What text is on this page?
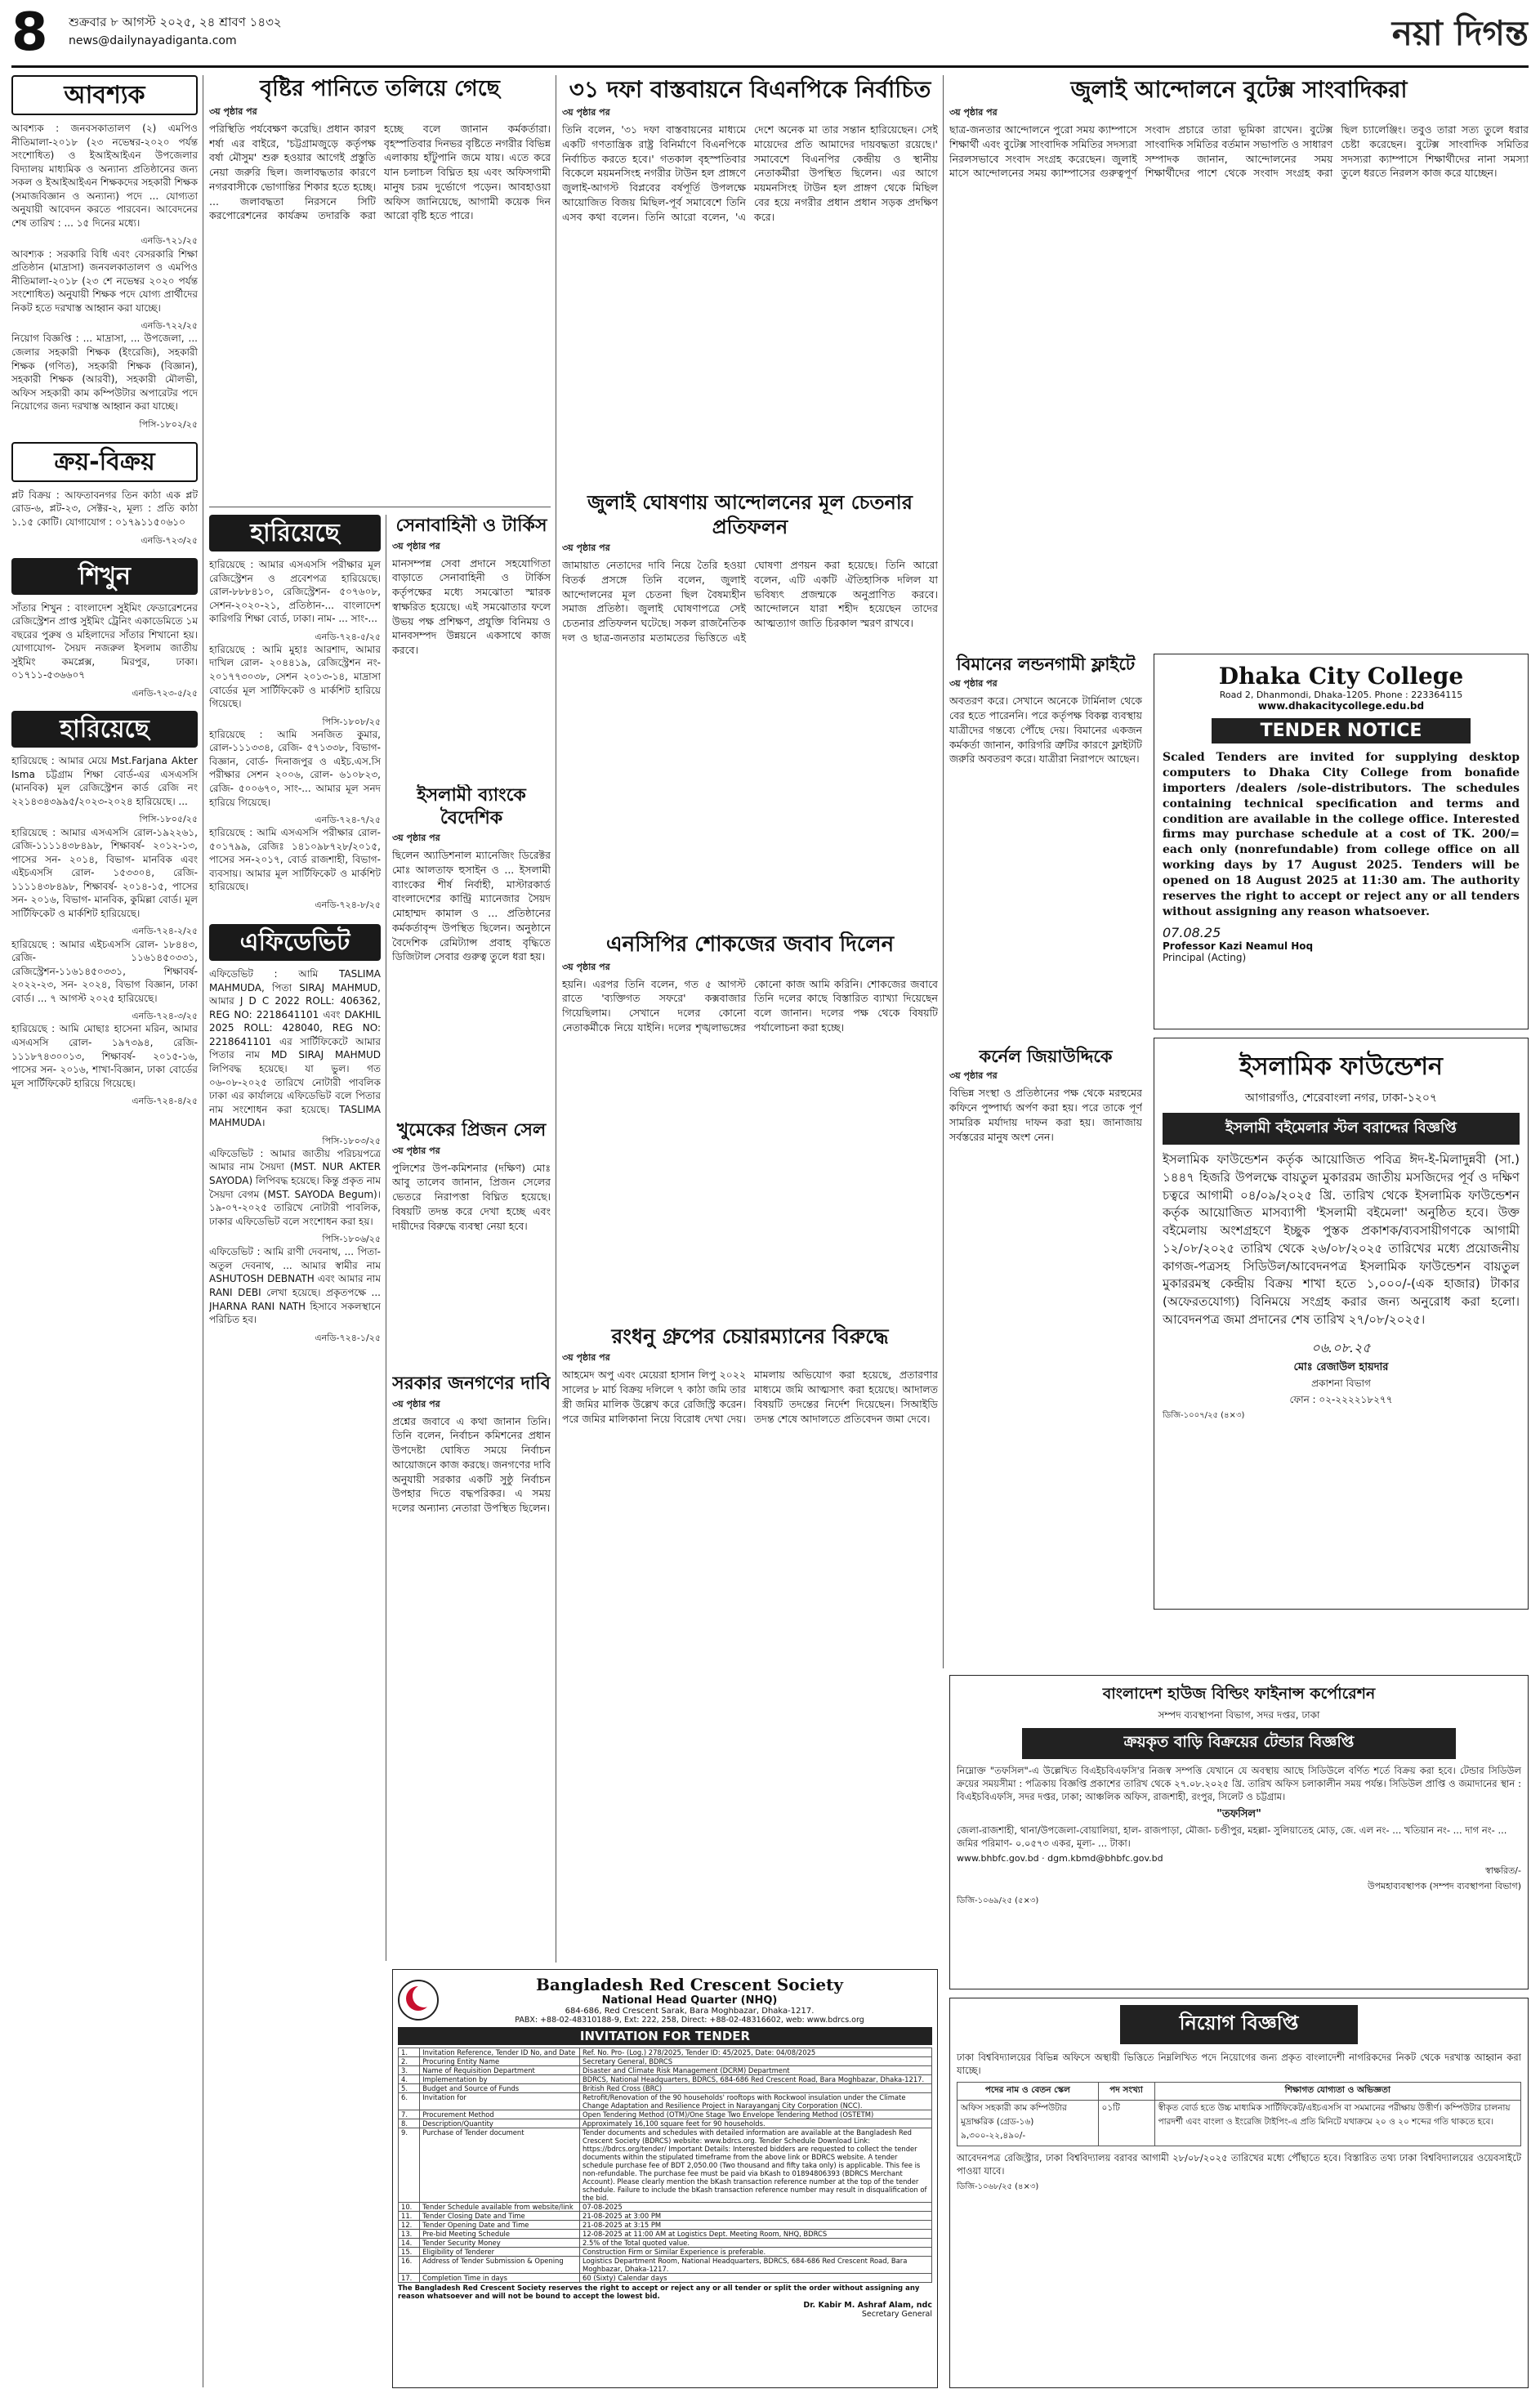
8	শুক্রবার ৮ আগস্ট ২০২৫, ২৪ শ্রাবণ ১৪৩২
news@dailynayadiganta.com	নয়া দিগন্ত
আবশ্যক
আবশ্যক : জনবসকাতালণ (২) এমপিও নীতিমালা-২০১৮ (২৩ নভেম্বর-২০২০ পর্যন্ত সংশোধিত) ও ইআইআইএন উপজেলার বিদ্যালয় মাধ্যমিক ও অন্যান্য প্রতিষ্ঠানের জন্য সকল ও ইআইআইএন শিক্ষকদের সহকারী শিক্ষক (সমাজবিজ্ঞান ও অন্যান্য) পদে ... যোগ্যতা অনুযায়ী আবেদন করতে পারবেন। আবেদনের শেষ তারিখ : ... ১৫ দিনের মধ্যে।
এনডি-৭২১/২৫
আবশ্যক : সরকারি বিধি এবং বেসরকারি শিক্ষা প্রতিষ্ঠান (মাদ্রাসা) জনবলকাতালণ ও এমপিও নীতিমালা-২০১৮ (২৩ শে নভেম্বর ২০২০ পর্যন্ত সংশোধিত) অনুযায়ী শিক্ষক পদে যোগ্য প্রার্থীদের নিকট হতে দরখাস্ত আহ্বান করা যাচ্ছে।
এনডি-৭২২/২৫
নিয়োগ বিজ্ঞপ্তি : ... মাদ্রাসা, ... উপজেলা, ... জেলার সহকারী শিক্ষক (ইংরেজি), সহকারী শিক্ষক (গণিত), সহকারী শিক্ষক (বিজ্ঞান), সহকারী শিক্ষক (আরবী), সহকারী মৌলভী, অফিস সহকারী কাম কম্পিউটার অপারেটর পদে নিয়োগের জন্য দরখাস্ত আহ্বান করা যাচ্ছে।
পিসি-১৮০২/২৫
ক্রয়-বিক্রয়
প্লট বিক্রয় : আফতাবনগর তিন কাঠা এক প্লট রোড-৬, প্লট-২৩, সেক্টর-২, মূল্য : প্রতি কাঠা ১.১৫ কোটি। যোগাযোগ : ০১৭৯১১৫০৬১০
এনডি-৭২৩/২৫
শিখুন
সাঁতার শিখুন : বাংলাদেশ সুইমিং ফেডারেশনের রেজিস্ট্রেশন প্রাপ্ত সুইমিং ট্রেনিং একাডেমিতে ১ম বছরের পুরুষ ও মহিলাদের সাঁতার শিখানো হয়। যোগাযোগ- সৈয়দ নজরুল ইসলাম জাতীয় সুইমিং কমপ্লেক্স, মিরপুর, ঢাকা। ০১৭১১-৫৩৬৬০৭
এনডি-৭২৩-৫/২৫
হারিয়েছে
হারিয়েছে : আমার মেয়ে Mst.Farjana Akter Isma চট্টগ্রাম শিক্ষা বোর্ড-এর এসএসসি (মানবিক) মূল রেজিস্ট্রেশন কার্ড রেজি নং ২২১৪৩৪৩৯৯৫/২০২৩-২০২৪ হারিয়েছে। ...
পিসি-১৮০৫/২৫
হারিয়েছে : আমার এসএসসি রোল-১৯২২৬১, রেজি-১১১১৪৩৮৪৯৮, শিক্ষাবর্ষ- ২০১২-১৩, পাসের সন- ২০১৪, বিভাগ- মানবিক এবং এইচএসসি রোল- ১৫৩৩০৪, রেজি- ১১১১৪৩৮৪৯৮, শিক্ষাবর্ষ- ২০১৪-১৫, পাসের সন- ২০১৬, বিভাগ- মানবিক, কুমিল্লা বোর্ড। মূল সার্টিফিকেট ও মার্কশিট হারিয়েছে।
এনডি-৭২৪-২/২৫
হারিয়েছে : আমার এইচএসসি রোল- ১৮৪৪৩, রেজি- ১১৬১৪৫০৩৩১, রেজিস্ট্রেশন-১১৬১৪৫০৩৩১, শিক্ষাবর্ষ- ২০২২-২৩, সন- ২০২৪, বিভাগ বিজ্ঞান, ঢাকা বোর্ড। ... ৭ আগস্ট ২০২৫ হারিয়েছে।
এনডি-৭২৪-৩/২৫
হারিয়েছে : আমি মোছাঃ হাসেনা মরিন, আমার এসএসসি রোল- ১৯৭৩৯৪, রেজি- ১১১৮৭৪৩০০১৩, শিক্ষাবর্ষ- ২০১৫-১৬, পাসের সন- ২০১৬, শাখা-বিজ্ঞান, ঢাকা বোর্ডের মূল সার্টিফিকেট হারিয়ে গিয়েছে।
এনডি-৭২৪-৪/২৫
বৃষ্টির পানিতে তলিয়ে গেছে
৩য় পৃষ্ঠার পর
পরিস্থিতি পর্যবেক্ষণ করেছি। প্রধান কারণ শর্ষা এর বাইরে, 'চট্টগ্রামজুড়ে কর্তৃপক্ষ বর্ষা মৌসুম' শুরু হওয়ার আগেই প্রস্তুতি নেয়া জরুরি ছিল। জলাবদ্ধতার কারণে নগরবাসীকে ভোগান্তির শিকার হতে হচ্ছে। ... জলাবদ্ধতা নিরসনে সিটি করপোরেশনের কার্যক্রম তদারকি করা হচ্ছে বলে জানান কর্মকর্তারা। বৃহস্পতিবার দিনভর বৃষ্টিতে নগরীর বিভিন্ন এলাকায় হাঁটুপানি জমে যায়। এতে করে যান চলাচল বিঘ্নিত হয় এবং অফিসগামী মানুষ চরম দুর্ভোগে পড়েন। আবহাওয়া অফিস জানিয়েছে, আগামী কয়েক দিন আরো বৃষ্টি হতে পারে।
হারিয়েছে
হারিয়েছে : আমার এসএসসি পরীক্ষার মূল রেজিস্ট্রেশন ও প্রবেশপত্র হারিয়েছে। রোল-৮৮৮৪১০, রেজিস্ট্রেশন- ৫০৭৬০৮, সেশন-২০২০-২১, প্রতিষ্ঠান-... বাংলাদেশ কারিগরি শিক্ষা বোর্ড, ঢাকা। নাম- ... সাং-...
এনডি-৭২৪-৫/২৫
হারিয়েছে : আমি মুহাঃ আরশাদ, আমার দাখিল রোল- ২০৪৪১৯, রেজিস্ট্রেশন নং- ২০১৭৭৩০৩৮, সেশন ২০১৩-১৪, মাদ্রাসা বোর্ডের মূল সার্টিফিকেট ও মার্কশিট হারিয়ে গিয়েছে।
পিসি-১৮০৮/২৫
হারিয়েছে : আমি সনজিত কুমার, রোল-১১১৩৩৪, রেজি- ৫৭১৩৩৮, বিভাগ- বিজ্ঞান, বোর্ড- দিনাজপুর ও এইচ.এস.সি পরীক্ষার সেশন ২০০৬, রোল- ৬১০৮২৩, রেজি- ৫০০৬৭০, সাং-... আমার মূল সনদ হারিয়ে গিয়েছে।
এনডি-৭২৪-৭/২৫
হারিয়েছে : আমি এসএসসি পরীক্ষার রোল- ৫০১৭৯৯, রেজিঃ ১৪১০৯৮৭২৮/২০১৫, পাসের সন-২০১৭, বোর্ড রাজশাহী, বিভাগ-ব্যবসায়। আমার মূল সার্টিফিকেট ও মার্কশিট হারিয়েছে।
এনডি-৭২৪-৮/২৫
এফিডেভিট
এফিডেভিট : আমি TASLIMA MAHMUDA, পিতা SIRAJ MAHMUD, আমার J D C 2022 ROLL: 406362, REG NO: 2218641101 এবং DAKHIL 2025 ROLL: 428040, REG NO: 2218641101 এর সার্টিফিকেটে আমার পিতার নাম MD SIRAJ MAHMUD লিপিবদ্ধ হয়েছে। যা ভুল। গত ০৬-০৮-২০২৫ তারিখে নোটারী পাবলিক ঢাকা এর কার্যালয়ে এফিডেভিট বলে পিতার নাম সংশোধন করা হয়েছে। TASLIMA MAHMUDA।
পিসি-১৮০৩/২৫
এফিডেভিট : আমার জাতীয় পরিচয়পত্রে আমার নাম সৈয়দা (MST. NUR AKTER SAYODA) লিপিবদ্ধ হয়েছে। কিন্তু প্রকৃত নাম সৈয়দা বেগম (MST. SAYODA Begum)। ১৯-০৭-২০২৫ তারিখে নোটারী পাবলিক, ঢাকার এফিডেভিট বলে সংশোধন করা হয়।
পিসি-১৮০৬/২৫
এফিডেভিট : আমি রাণী দেবনাথ, ... পিতা- অতুল দেবনাথ, ... আমার স্বামীর নাম ASHUTOSH DEBNATH এবং আমার নাম RANI DEBI লেখা হয়েছে। প্রকৃতপক্ষে ... JHARNA RANI NATH হিসাবে সকলস্থানে পরিচিত হব।
এনডি-৭২৪-১/২৫
সেনাবাহিনী ও টার্কিস
৩য় পৃষ্ঠার পর
মানসম্পন্ন সেবা প্রদানে সহযোগিতা বাড়াতে সেনাবাহিনী ও টার্কিস কর্তৃপক্ষের মধ্যে সমঝোতা স্মারক স্বাক্ষরিত হয়েছে। এই সমঝোতার ফলে উভয় পক্ষ প্রশিক্ষণ, প্রযুক্তি বিনিময় ও মানবসম্পদ উন্নয়নে একসাথে কাজ করবে।
ইসলামী ব্যাংকে বৈদেশিক
৩য় পৃষ্ঠার পর
ছিলেন অ্যাডিশনাল ম্যানেজিং ডিরেক্টর মোঃ আলতাফ হুসাইন ও ... ইসলামী ব্যাংকের শীর্ষ নির্বাহী, মাস্টারকার্ড বাংলাদেশের কান্ট্রি ম্যানেজার সৈয়দ মোহাম্মদ কামাল ও ... প্রতিষ্ঠানের কর্মকর্তাবৃন্দ উপস্থিত ছিলেন। অনুষ্ঠানে বৈদেশিক রেমিট্যান্স প্রবাহ বৃদ্ধিতে ডিজিটাল সেবার গুরুত্ব তুলে ধরা হয়।
খুমেকের প্রিজন সেল
৩য় পৃষ্ঠার পর
পুলিশের উপ-কমিশনার (দক্ষিণ) মোঃ আবু তালেব জানান, প্রিজন সেলের ভেতরে নিরাপত্তা বিঘ্নিত হয়েছে। বিষয়টি তদন্ত করে দেখা হচ্ছে এবং দায়ীদের বিরুদ্ধে ব্যবস্থা নেয়া হবে।
সরকার জনগণের দাবি
৩য় পৃষ্ঠার পর
প্রশ্নের জবাবে এ কথা জানান তিনি। তিনি বলেন, নির্বাচন কমিশনের প্রধান উপদেষ্টা ঘোষিত সময়ে নির্বাচন আয়োজনে কাজ করছে। জনগণের দাবি অনুযায়ী সরকার একটি সুষ্ঠু নির্বাচন উপহার দিতে বদ্ধপরিকর। এ সময় দলের অন্যান্য নেতারা উপস্থিত ছিলেন।
৩১ দফা বাস্তবায়নে বিএনপিকে নির্বাচিত
৩য় পৃষ্ঠার পর
তিনি বলেন, '৩১ দফা বাস্তবায়নের মাধ্যমে একটি গণতান্ত্রিক রাষ্ট্র বিনির্মাণে বিএনপিকে নির্বাচিত করতে হবে।' গতকাল বৃহস্পতিবার বিকেলে ময়মনসিংহ নগরীর টাউন হল প্রাঙ্গণে জুলাই-আগস্ট বিপ্লবের বর্ষপূর্তি উপলক্ষে আয়োজিত বিজয় মিছিল-পূর্ব সমাবেশে তিনি এসব কথা বলেন। তিনি আরো বলেন, 'এ দেশে অনেক মা তার সন্তান হারিয়েছেন। সেই মায়েদের প্রতি আমাদের দায়বদ্ধতা রয়েছে।' সমাবেশে বিএনপির কেন্দ্রীয় ও স্থানীয় নেতাকর্মীরা উপস্থিত ছিলেন। এর আগে ময়মনসিংহ টাউন হল প্রাঙ্গণ থেকে মিছিল বের হয়ে নগরীর প্রধান প্রধান সড়ক প্রদক্ষিণ করে।
জুলাই ঘোষণায় আন্দোলনের মূল চেতনার প্রতিফলন
৩য় পৃষ্ঠার পর
জামায়াত নেতাদের দাবি নিয়ে তৈরি হওয়া বিতর্ক প্রসঙ্গে তিনি বলেন, জুলাই আন্দোলনের মূল চেতনা ছিল বৈষম্যহীন সমাজ প্রতিষ্ঠা। জুলাই ঘোষণাপত্রে সেই চেতনার প্রতিফলন ঘটেছে। সকল রাজনৈতিক দল ও ছাত্র-জনতার মতামতের ভিত্তিতে এই ঘোষণা প্রণয়ন করা হয়েছে। তিনি আরো বলেন, এটি একটি ঐতিহাসিক দলিল যা ভবিষ্যৎ প্রজন্মকে অনুপ্রাণিত করবে। আন্দোলনে যারা শহীদ হয়েছেন তাদের আত্মত্যাগ জাতি চিরকাল স্মরণ রাখবে।
এনসিপির শোকজের জবাব দিলেন
৩য় পৃষ্ঠার পর
হয়নি। এরপর তিনি বলেন, গত ৫ আগস্ট রাতে 'ব্যক্তিগত সফরে' কক্সবাজার গিয়েছিলাম। সেখানে দলের কোনো নেতাকর্মীকে নিয়ে যাইনি। দলের শৃঙ্খলাভঙ্গের কোনো কাজ আমি করিনি। শোকজের জবাবে তিনি দলের কাছে বিস্তারিত ব্যাখ্যা দিয়েছেন বলে জানান। দলের পক্ষ থেকে বিষয়টি পর্যালোচনা করা হচ্ছে।
রংধনু গ্রুপের চেয়ারম্যানের বিরুদ্ধে
৩য় পৃষ্ঠার পর
আহমেদ অপু এবং মেয়েরা হাসান লিপু ২০২২ সালের ৮ মার্চ বিক্রয় দলিলে ৭ কাঠা জমি তার স্ত্রী জমির মালিক উল্লেখ করে রেজিস্ট্রি করেন। পরে জমির মালিকানা নিয়ে বিরোধ দেখা দেয়। মামলায় অভিযোগ করা হয়েছে, প্রতারণার মাধ্যমে জমি আত্মসাৎ করা হয়েছে। আদালত বিষয়টি তদন্তের নির্দেশ দিয়েছেন। সিআইডি তদন্ত শেষে আদালতে প্রতিবেদন জমা দেবে।
জুলাই আন্দোলনে বুটেক্স সাংবাদিকরা
৩য় পৃষ্ঠার পর
ছাত্র-জনতার আন্দোলনে পুরো সময় ক্যাম্পাসে শিক্ষার্থী এবং বুটেক্স সাংবাদিক সমিতির সদস্যরা নিরলসভাবে সংবাদ সংগ্রহ করেছেন। জুলাই মাসে আন্দোলনের সময় ক্যাম্পাসের গুরুত্বপূর্ণ সংবাদ প্রচারে তারা ভূমিকা রাখেন। বুটেক্স সাংবাদিক সমিতির বর্তমান সভাপতি ও সাধারণ সম্পাদক জানান, আন্দোলনের সময় শিক্ষার্থীদের পাশে থেকে সংবাদ সংগ্রহ করা ছিল চ্যালেঞ্জিং। তবুও তারা সত্য তুলে ধরার চেষ্টা করেছেন। বুটেক্স সাংবাদিক সমিতির সদস্যরা ক্যাম্পাসে শিক্ষার্থীদের নানা সমস্যা তুলে ধরতে নিরলস কাজ করে যাচ্ছেন।
বিমানের লন্ডনগামী ফ্লাইটে
৩য় পৃষ্ঠার পর
অবতরণ করে। সেখানে অনেকে টার্মিনাল থেকে বের হতে পারেননি। পরে কর্তৃপক্ষ বিকল্প ব্যবস্থায় যাত্রীদের গন্তব্যে পৌঁছে দেয়। বিমানের একজন কর্মকর্তা জানান, কারিগরি ত্রুটির কারণে ফ্লাইটটি জরুরি অবতরণ করে। যাত্রীরা নিরাপদে আছেন।
কর্নেল জিয়াউদ্দিকে
৩য় পৃষ্ঠার পর
বিভিন্ন সংস্থা ও প্রতিষ্ঠানের পক্ষ থেকে মরহুমের কফিনে পুষ্পার্ঘ্য অর্পণ করা হয়। পরে তাকে পূর্ণ সামরিক মর্যাদায় দাফন করা হয়। জানাজায় সর্বস্তরের মানুষ অংশ নেন।
Dhaka City College
Road 2, Dhanmondi, Dhaka-1205. Phone : 223364115
www.dhakacitycollege.edu.bd
TENDER NOTICE
Scaled Tenders are invited for supplying desktop computers to Dhaka City College from bonafide importers /dealers /sole-distributors. The schedules containing technical specification and terms and condition are available in the college office. Interested firms may purchase schedule at a cost of TK. 200/= each only (nonrefundable) from college office on all working days by 17 August 2025. Tenders will be opened on 18 August 2025 at 11:30 am. The authority reserves the right to accept or reject any or all tenders without assigning any reason whatsoever.
07.08.25
Professor Kazi Neamul Hoq
Principal (Acting)
ইসলামিক ফাউন্ডেশন
আগারগাঁও, শেরেবাংলা নগর, ঢাকা-১২০৭
ইসলামী বইমেলার স্টল বরাদ্দের বিজ্ঞপ্তি
ইসলামিক ফাউন্ডেশন কর্তৃক আয়োজিত পবিত্র ঈদ-ই-মিলাদুন্নবী (সা.) ১৪৪৭ হিজরি উপলক্ষে বায়তুল মুকাররম জাতীয় মসজিদের পূর্ব ও দক্ষিণ চত্বরে আগামী ০৪/০৯/২০২৫ খ্রি. তারিখ থেকে ইসলামিক ফাউন্ডেশন কর্তৃক আয়োজিত মাসব্যাপী 'ইসলামী বইমেলা' অনুষ্ঠিত হবে। উক্ত বইমেলায় অংশগ্রহণে ইচ্ছুক পুস্তক প্রকাশক/ব্যবসায়ীগণকে আগামী ১২/০৮/২০২৫ তারিখ থেকে ২৬/০৮/২০২৫ তারিখের মধ্যে প্রয়োজনীয় কাগজ-পত্রসহ সিডিউল/আবেদনপত্র ইসলামিক ফাউন্ডেশন বায়তুল মুকাররমস্থ কেন্দ্রীয় বিক্রয় শাখা হতে ১,০০০/-(এক হাজার) টাকার (অফেরতযোগ্য) বিনিময়ে সংগ্রহ করার জন্য অনুরোধ করা হলো। আবেদনপত্র জমা প্রদানের শেষ তারিখ ২৭/০৮/২০২৫।
০৬.০৮.২৫
মোঃ রেজাউল হায়দার
প্রকাশনা বিভাগ
ফোন : ০২-২২২২১৮২৭৭
ডিজি-১০০৭/২৫ (৪×৩)
বাংলাদেশ হাউজ বিল্ডিং ফাইনান্স কর্পোরেশন
সম্পদ ব্যবস্থাপনা বিভাগ, সদর দপ্তর, ঢাকা
ক্রয়কৃত বাড়ি বিক্রয়ের টেন্ডার বিজ্ঞপ্তি
নিম্নোক্ত "তফসিল"-এ উল্লেখিত বিএইচবিএফসি'র নিজস্ব সম্পত্তি যেখানে যে অবস্থায় আছে সিডিউলে বর্ণিত শর্তে বিক্রয় করা হবে। টেন্ডার সিডিউল ক্রয়ের সময়সীমা : পত্রিকায় বিজ্ঞপ্তি প্রকাশের তারিখ থেকে ২৭.০৮.২০২৫ খ্রি. তারিখ অফিস চলাকালীন সময় পর্যন্ত। সিডিউল প্রাপ্তি ও জমাদানের স্থান : বিএইচবিএফসি, সদর দপ্তর, ঢাকা; আঞ্চলিক অফিস, রাজশাহী, রংপুর, সিলেট ও চট্টগ্রাম।
"তফসিল"
জেলা-রাজশাহী, থানা/উপজেলা-বোয়ালিয়া, হাল- রাজপাড়া, মৌজা- চণ্ডীপুর, মহল্লা- সুলিয়াতেহ মোড়, জে. এল নং- ... খতিয়ান নং- ... দাগ নং- ... জমির পরিমাণ- ০.০৫৭৩ একর, মূল্য- ... টাকা।
www.bhbfc.gov.bd · dgm.kbmd@bhbfc.gov.bd
স্বাক্ষরিত/-
উপমহাব্যবস্থাপক (সম্পদ ব্যবস্থাপনা বিভাগ)
ডিজি-১০৬৯/২৫ (৫×৩)
নিয়োগ বিজ্ঞপ্তি
ঢাকা বিশ্ববিদ্যালয়ের বিভিন্ন অফিসে অস্থায়ী ভিত্তিতে নিম্নলিখিত পদে নিয়োগের জন্য প্রকৃত বাংলাদেশী নাগরিকদের নিকট থেকে দরখাস্ত আহ্বান করা যাচ্ছে।
পদের নাম ও বেতন স্কেল	পদ সংখ্যা	শিক্ষাগত যোগ্যতা ও অভিজ্ঞতা
অফিস সহকারী কাম কম্পিউটার মুদ্রাক্ষরিক (গ্রেড-১৬) ৯,৩০০-২২,৪৯০/-	০১টি	স্বীকৃত বোর্ড হতে উচ্চ মাধ্যমিক সার্টিফিকেট/এইচএসসি বা সমমানের পরীক্ষায় উত্তীর্ণ। কম্পিউটার চালনায় পারদর্শী এবং বাংলা ও ইংরেজি টাইপিং-এ প্রতি মিনিটে যথাক্রমে ২০ ও ২০ শব্দের গতি থাকতে হবে।
আবেদনপত্র রেজিস্ট্রার, ঢাকা বিশ্ববিদ্যালয় বরাবর আগামী ২৮/০৮/২০২৫ তারিখের মধ্যে পৌঁছাতে হবে। বিস্তারিত তথ্য ঢাকা বিশ্ববিদ্যালয়ের ওয়েবসাইটে পাওয়া যাবে।
ডিজি-১০৬৮/২৫ (৪×৩)
Bangladesh Red Crescent Society
National Head Quarter (NHQ)
684-686, Red Crescent Sarak, Bara Moghbazar, Dhaka-1217.
PABX: +88-02-48310188-9, Ext: 222, 258, Direct: +88-02-48316602, web: www.bdrcs.org
INVITATION FOR TENDER
1.	Invitation Reference, Tender ID No, and Date	Ref. No. Pro- (Log.) 278/2025, Tender ID: 45/2025, Date: 04/08/2025
2.	Procuring Entity Name	Secretary General, BDRCS
3.	Name of Requisition Department	Disaster and Climate Risk Management (DCRM) Department
4.	Implementation by	BDRCS, National Headquarters, BDRCS, 684-686 Red Crescent Road, Bara Moghbazar, Dhaka-1217.
5.	Budget and Source of Funds	British Red Cross (BRC)
6.	Invitation for	Retrofit/Renovation of the 90 households' rooftops with Rockwool insulation under the Climate Change Adaptation and Resilience Project in Narayanganj City Corporation (NCC).
7.	Procurement Method	Open Tendering Method (OTM)/One Stage Two Envelope Tendering Method (OSTETM)
8.	Description/Quantity	Approximately 16,100 square feet for 90 households.
9.	Purchase of Tender document	Tender documents and schedules with detailed information are available at the Bangladesh Red Crescent Society (BDRCS) website: www.bdrcs.org. Tender Schedule Download Link: https://bdrcs.org/tender/ Important Details: Interested bidders are requested to collect the tender documents within the stipulated timeframe from the above link or BDRCS website. A tender schedule purchase fee of BDT 2,050.00 (Two thousand and fifty taka only) is applicable. This fee is non-refundable. The purchase fee must be paid via bKash to 01894806393 (BDRCS Merchant Account). Please clearly mention the bKash transaction reference number at the top of the tender schedule. Failure to include the bKash transaction reference number may result in disqualification of the bid.
10.	Tender Schedule available from website/link	07-08-2025
11.	Tender Closing Date and Time	21-08-2025 at 3:00 PM
12.	Tender Opening Date and Time	21-08-2025 at 3:15 PM
13.	Pre-bid Meeting Schedule	12-08-2025 at 11:00 AM at Logistics Dept. Meeting Room, NHQ, BDRCS
14.	Tender Security Money	2.5% of the Total quoted value.
15.	Eligibility of Tenderer	Construction Firm or Similar Experience is preferable.
16.	Address of Tender Submission & Opening	Logistics Department Room, National Headquarters, BDRCS, 684-686 Red Crescent Road, Bara Moghbazar, Dhaka-1217.
17.	Completion Time in days	60 (Sixty) Calendar days
The Bangladesh Red Crescent Society reserves the right to accept or reject any or all tender or split the order without assigning any reason whatsoever and will not be bound to accept the lowest bid.
Dr. Kabir M. Ashraf Alam, ndc
Secretary General
